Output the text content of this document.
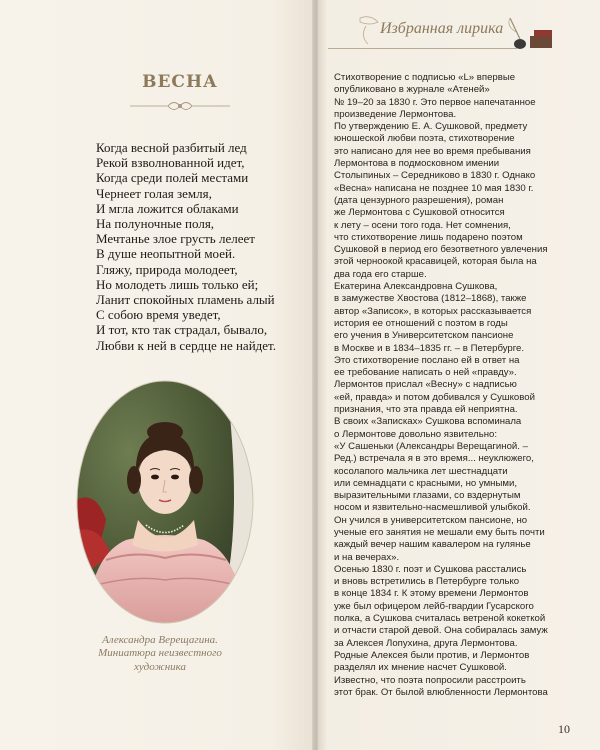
ВЕСНА
Когда весной разбитый лед
Рекой взволнованной идет,
Когда среди полей местами
Чернеет голая земля,
И мгла ложится облаками
На полуночные поля,
Мечтанье злое грусть лелеет
В душе неопытной моей.
Гляжу, природа молодеет,
Но молодеть лишь только ей;
Ланит спокойных пламень алый
С собою время уведет,
И тот, кто так страдал, бывало,
Любви к ней в сердце не найдет.
Александра Верещагина.
Миниатюра неизвестного
художника
Избранная лирика
Стихотворение с подписью «L» впервые
опубликовано в журнале «Атеней»
№ 19–20 за 1830 г. Это первое напечатанное
произведение Лермонтова.
По утверждению Е. А. Сушковой, предмету
юношеской любви поэта, стихотворение
это написано для нее во время пребывания
Лермонтова в подмосковном имении
Столыпиных – Середниково в 1830 г. Однако
«Весна» написана не позднее 10 мая 1830 г.
(дата цензурного разрешения), роман
же Лермонтова с Сушковой относится
к лету – осени того года. Нет сомнения,
что стихотворение лишь подарено поэтом
Сушковой в период его безответного увлечения
этой черноокой красавицей, которая была на
два года его старше.
Екатерина Александровна Сушкова,
в замужестве Хвостова (1812–1868), также
автор «Записок», в которых рассказывается
история ее отношений с поэтом в годы
его учения в Университетском пансионе
в Москве и в 1834–1835 гг. – в Петербурге.
Это стихотворение послано ей в ответ на
ее требование написать о ней «правду».
Лермонтов прислал «Весну» с надписью
«ей, правда» и потом добивался у Сушковой
признания, что эта правда ей неприятна.
В своих «Записках» Сушкова вспоминала
о Лермонтове довольно язвительно:
«У Сашеньки (Александры Верещагиной. –
Ред.) встречала я в это время... неуклюжего,
косолапого мальчика лет шестнадцати
или семнадцати с красными, но умными,
выразительными глазами, со вздернутым
носом и язвительно-насмешливой улыбкой.
Он учился в университетском пансионе, но
ученые его занятия не мешали ему быть почти
каждый вечер нашим кавалером на гулянье
и на вечерах».
Осенью 1830 г. поэт и Сушкова расстались
и вновь встретились в Петербурге только
в конце 1834 г. К этому времени Лермонтов
уже был офицером лейб-гвардии Гусарского
полка, а Сушкова считалась ветреной кокеткой
и отчасти старой девой. Она собиралась замуж
за Алексея Лопухина, друга Лермонтова.
Родные Алексея были против, и Лермонтов
разделял их мнение насчет Сушковой.
Известно, что поэта попросили расстроить
этот брак. От былой влюбленности Лермонтова
10
